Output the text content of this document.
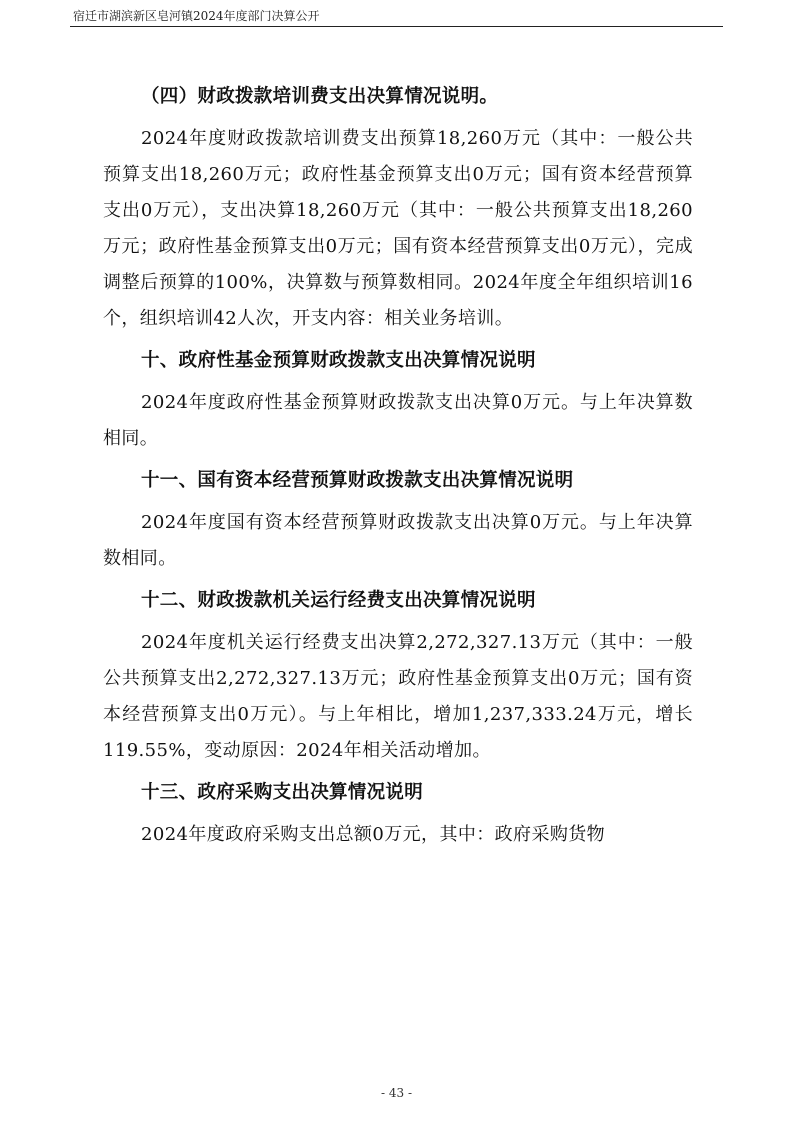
宿迁市湖滨新区皂河镇2024年度部门决算公开
（四）财政拨款培训费支出决算情况说明。

2024年度财政拨款培训费支出预算18,260万元（其中：一般公共预算支出18,260万元；政府性基金预算支出0万元；国有资本经营预算支出0万元），支出决算18,260万元（其中：一般公共预算支出18,260万元；政府性基金预算支出0万元；国有资本经营预算支出0万元），完成调整后预算的100%，决算数与预算数相同。2024年度全年组织培训16个，组织培训42人次，开支内容：相关业务培训。

十、政府性基金预算财政拨款支出决算情况说明

2024年度政府性基金预算财政拨款支出决算0万元。与上年决算数相同。

十一、国有资本经营预算财政拨款支出决算情况说明

2024年度国有资本经营预算财政拨款支出决算0万元。与上年决算数相同。

十二、财政拨款机关运行经费支出决算情况说明

2024年度机关运行经费支出决算2,272,327.13万元（其中：一般公共预算支出2,272,327.13万元；政府性基金预算支出0万元；国有资本经营预算支出0万元）。与上年相比，增加1,237,333.24万元，增长119.55%，变动原因：2024年相关活动增加。

十三、政府采购支出决算情况说明

2024年度政府采购支出总额0万元，其中：政府采购货物

- 43 -
